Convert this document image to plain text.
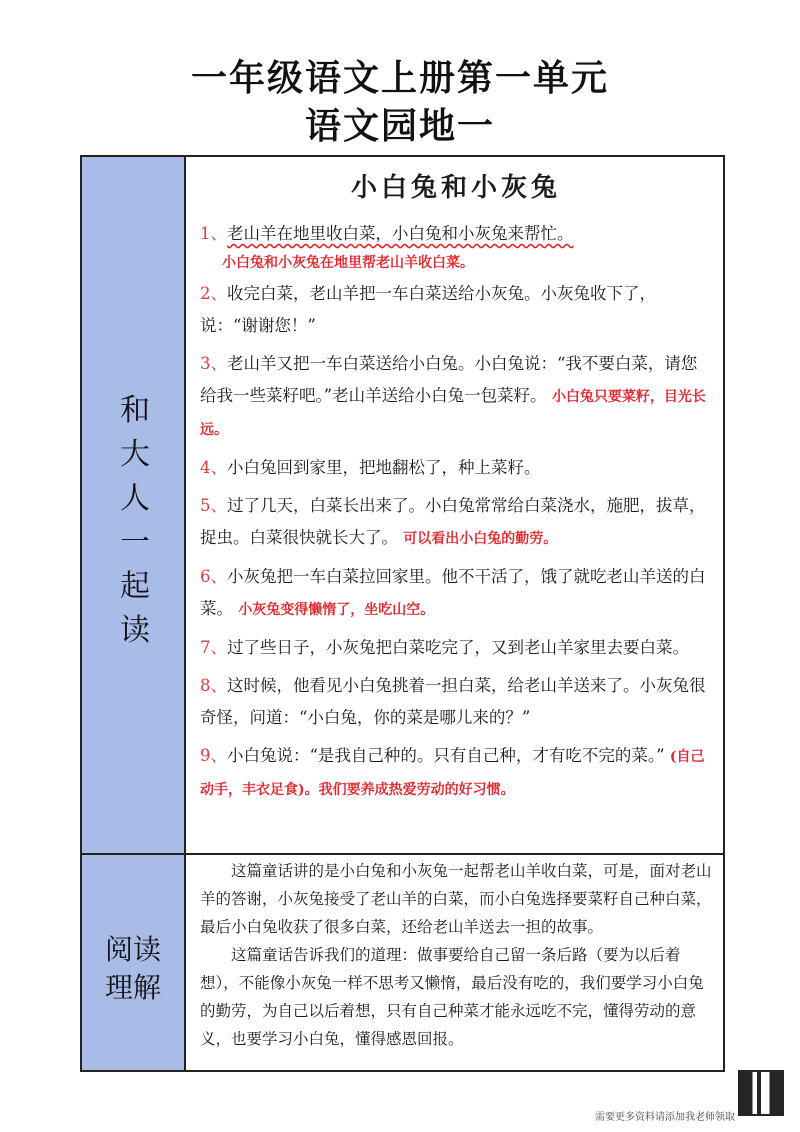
一年级语文上册第一单元
语文园地一
和大人一起读
阅读
理解
小白兔和小灰兔
1、老山羊在地里收白菜，小白兔和小灰兔来帮忙。
小白兔和小灰兔在地里帮老山羊收白菜。
2、收完白菜，老山羊把一车白菜送给小灰兔。小灰兔收下了，说：“谢谢您！”
3、老山羊又把一车白菜送给小白兔。小白兔说：“我不要白菜，请您给我一些菜籽吧。”老山羊送给小白兔一包菜籽。 小白兔只要菜籽，目光长远。
4、小白兔回到家里，把地翻松了，种上菜籽。
5、过了几天，白菜长出来了。小白兔常常给白菜浇水，施肥，拔草，捉虫。白菜很快就长大了。 可以看出小白兔的勤劳。
6、小灰兔把一车白菜拉回家里。他不干活了，饿了就吃老山羊送的白菜。 小灰兔变得懒惰了，坐吃山空。
7、过了些日子，小灰兔把白菜吃完了，又到老山羊家里去要白菜。
8、这时候，他看见小白兔挑着一担白菜，给老山羊送来了。小灰兔很奇怪，问道：“小白兔，你的菜是哪儿来的？”
9、小白兔说：“是我自己种的。只有自己种，才有吃不完的菜。” (自己动手，丰衣足食)。我们要养成热爱劳动的好习惯。

这篇童话讲的是小白兔和小灰兔一起帮老山羊收白菜，可是，面对老山羊的答谢，小灰兔接受了老山羊的白菜，而小白兔选择要菜籽自己种白菜，最后小白兔收获了很多白菜，还给老山羊送去一担的故事。

这篇童话告诉我们的道理：做事要给自己留一条后路（要为以后着想），不能像小灰兔一样不思考又懒惰，最后没有吃的，我们要学习小白兔的勤劳，为自己以后着想，只有自己种菜才能永远吃不完，懂得劳动的意义，也要学习小白兔，懂得感恩回报。

需要更多资料请添加我老师领取
